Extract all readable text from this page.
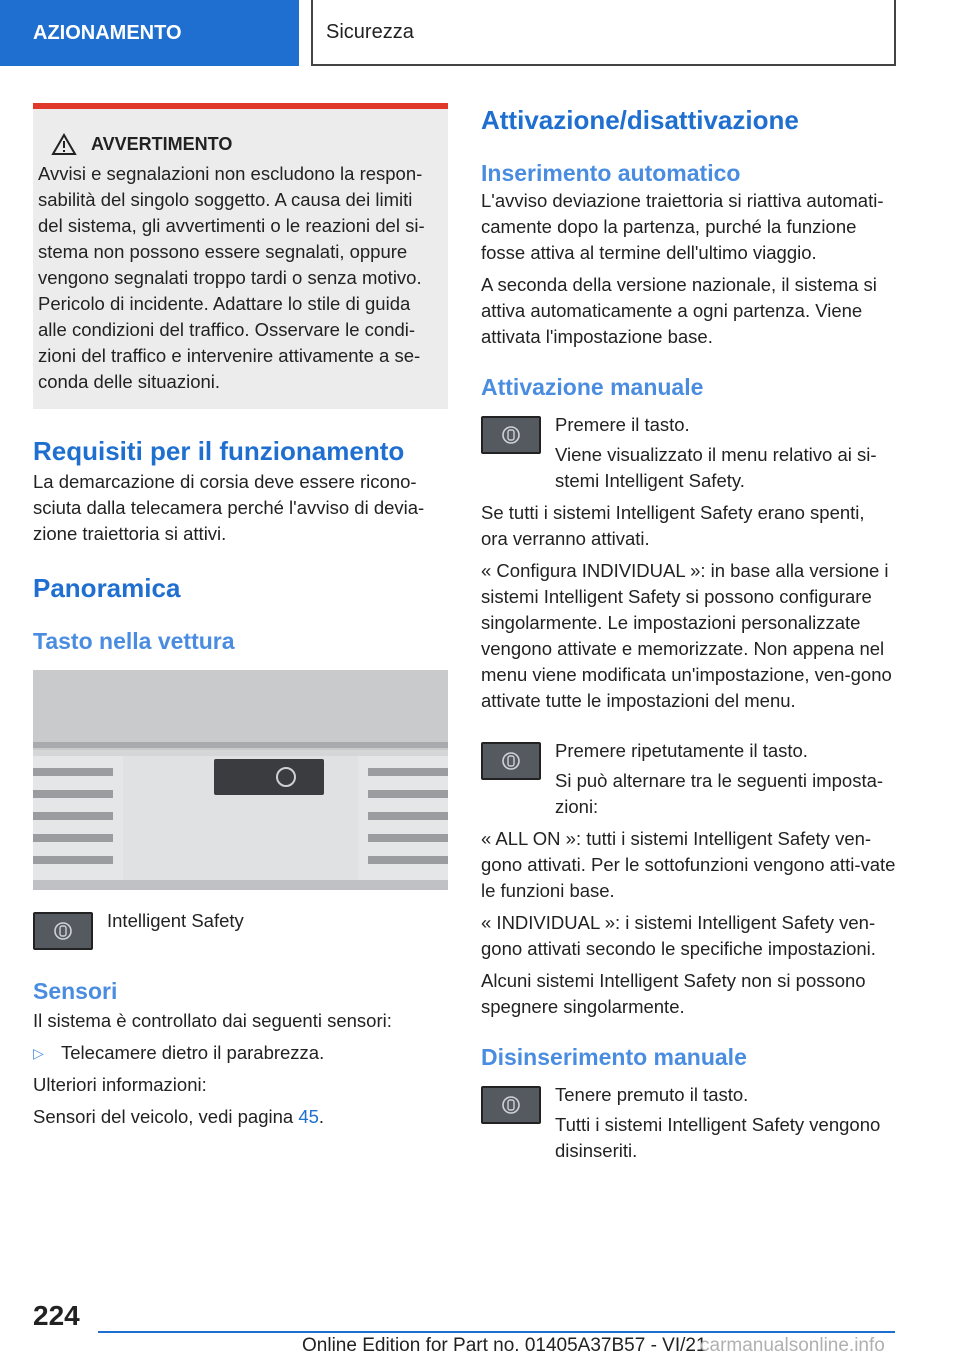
AZIONAMENTO	Sicurezza
AVVERTIMENTO

Avvisi e segnalazioni non escludono la respon-sabilità del singolo soggetto. A causa dei limiti del sistema, gli avvertimenti o le reazioni del si-stema non possono essere segnalati, oppure vengono segnalati troppo tardi o senza motivo. Pericolo di incidente. Adattare lo stile di guida alle condizioni del traffico. Osservare le condi-zioni del traffico e intervenire attivamente a se-conda delle situazioni.

Requisiti per il funzionamento

La demarcazione di corsia deve essere ricono-sciuta dalla telecamera perché l'avviso di devia-zione traiettoria si attivi.

Panoramica
Tasto nella vettura

Intelligent Safety

Sensori

Il sistema è controllato dai seguenti sensori:

▷ Telecamere dietro il parabrezza.

Ulteriori informazioni:

Sensori del veicolo, vedi pagina 45.

Attivazione/disattivazione
Inserimento automatico

L'avviso deviazione traiettoria si riattiva automati-camente dopo la partenza, purché la funzione fosse attiva al termine dell'ultimo viaggio.

A seconda della versione nazionale, il sistema si attiva automaticamente a ogni partenza. Viene attivata l'impostazione base.

Attivazione manuale

Premere il tasto.

Viene visualizzato il menu relativo ai si-stemi Intelligent Safety.

Se tutti i sistemi Intelligent Safety erano spenti, ora verranno attivati.

« Configura INDIVIDUAL »: in base alla versione i sistemi Intelligent Safety si possono configurare singolarmente. Le impostazioni personalizzate vengono attivate e memorizzate. Non appena nel menu viene modificata un'impostazione, ven-gono attivate tutte le impostazioni del menu.

Premere ripetutamente il tasto.

Si può alternare tra le seguenti imposta-zioni:

« ALL ON »: tutti i sistemi Intelligent Safety ven-gono attivati. Per le sottofunzioni vengono atti-vate le funzioni base.

« INDIVIDUAL »: i sistemi Intelligent Safety ven-gono attivati secondo le specifiche impostazioni.

Alcuni sistemi Intelligent Safety non si possono spegnere singolarmente.

Disinserimento manuale

Tenere premuto il tasto.

Tutti i sistemi Intelligent Safety vengono disinseriti.

224
Online Edition for Part no. 01405A37B57 - VI/21
carmanualsonline.info
